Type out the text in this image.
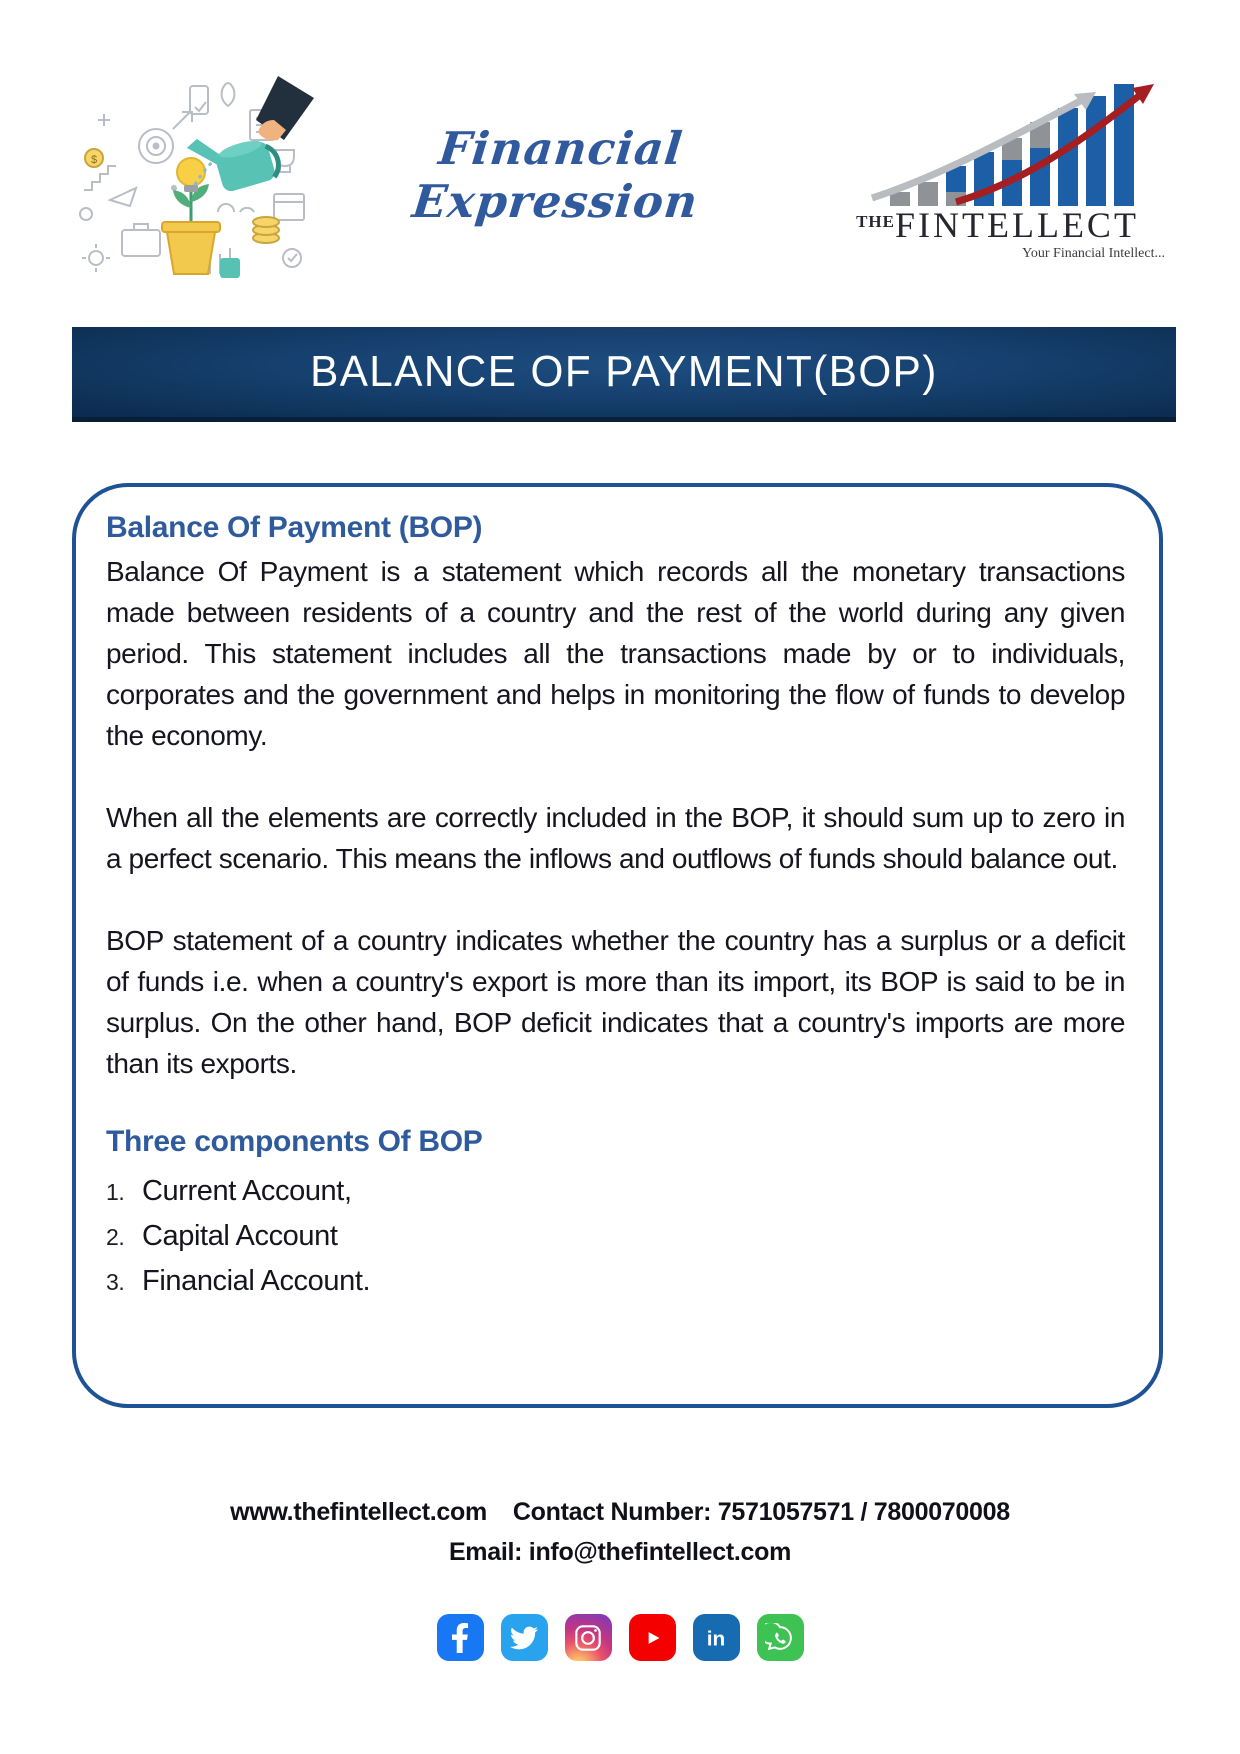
$	Financial Expression	THEFINTELLECT
Your Financial Intellect...
BALANCE OF PAYMENT(BOP)
Balance Of Payment (BOP)

Balance Of Payment is a statement which records all the monetary transactions made between residents of a country and the rest of the world during any given period. This statement includes all the transactions made by or to individuals, corporates and the government and helps in monitoring the flow of funds to develop the economy.

When all the elements are correctly included in the BOP, it should sum up to zero in a perfect scenario. This means the inflows and outflows of funds should balance out.

BOP statement of a country indicates whether the country has a surplus or a deficit of funds i.e. when a country's export is more than its import, its BOP is said to be in surplus. On the other hand, BOP deficit indicates that a country's imports are more than its exports.

Three components Of BOP
1. Current Account,
2. Capital Account
3. Financial Account.
www.thefintellect.com Contact Number: 7571057571 / 7800070008
Email: info@thefintellect.com
in
